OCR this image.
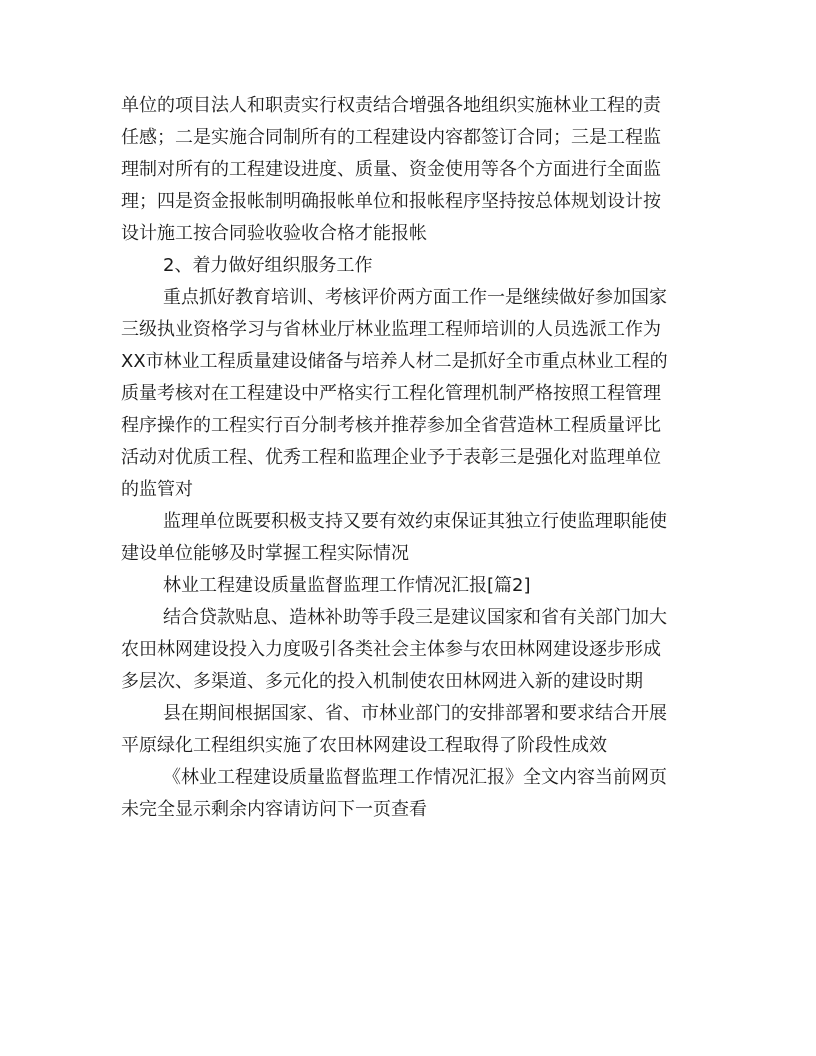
单位的项目法人和职责实行权责结合增强各地组织实施林业工程的责
任感；二是实施合同制所有的工程建设内容都签订合同；三是工程监
理制对所有的工程建设进度、质量、资金使用等各个方面进行全面监
理；四是资金报帐制明确报帐单位和报帐程序坚持按总体规划设计按
设计施工按合同验收验收合格才能报帐
2、着力做好组织服务工作
重点抓好教育培训、考核评价两方面工作一是继续做好参加国家
三级执业资格学习与省林业厅林业监理工程师培训的人员选派工作为
XX市林业工程质量建设储备与培养人材二是抓好全市重点林业工程的
质量考核对在工程建设中严格实行工程化管理机制严格按照工程管理
程序操作的工程实行百分制考核并推荐参加全省营造林工程质量评比
活动对优质工程、优秀工程和监理企业予于表彰三是强化对监理单位
的监管对
监理单位既要积极支持又要有效约束保证其独立行使监理职能使
建设单位能够及时掌握工程实际情况
林业工程建设质量监督监理工作情况汇报[篇2]
结合贷款贴息、造林补助等手段三是建议国家和省有关部门加大
农田林网建设投入力度吸引各类社会主体参与农田林网建设逐步形成
多层次、多渠道、多元化的投入机制使农田林网进入新的建设时期
县在期间根据国家、省、市林业部门的安排部署和要求结合开展
平原绿化工程组织实施了农田林网建设工程取得了阶段性成效
《林业工程建设质量监督监理工作情况汇报》全文内容当前网页
未完全显示剩余内容请访问下一页查看
